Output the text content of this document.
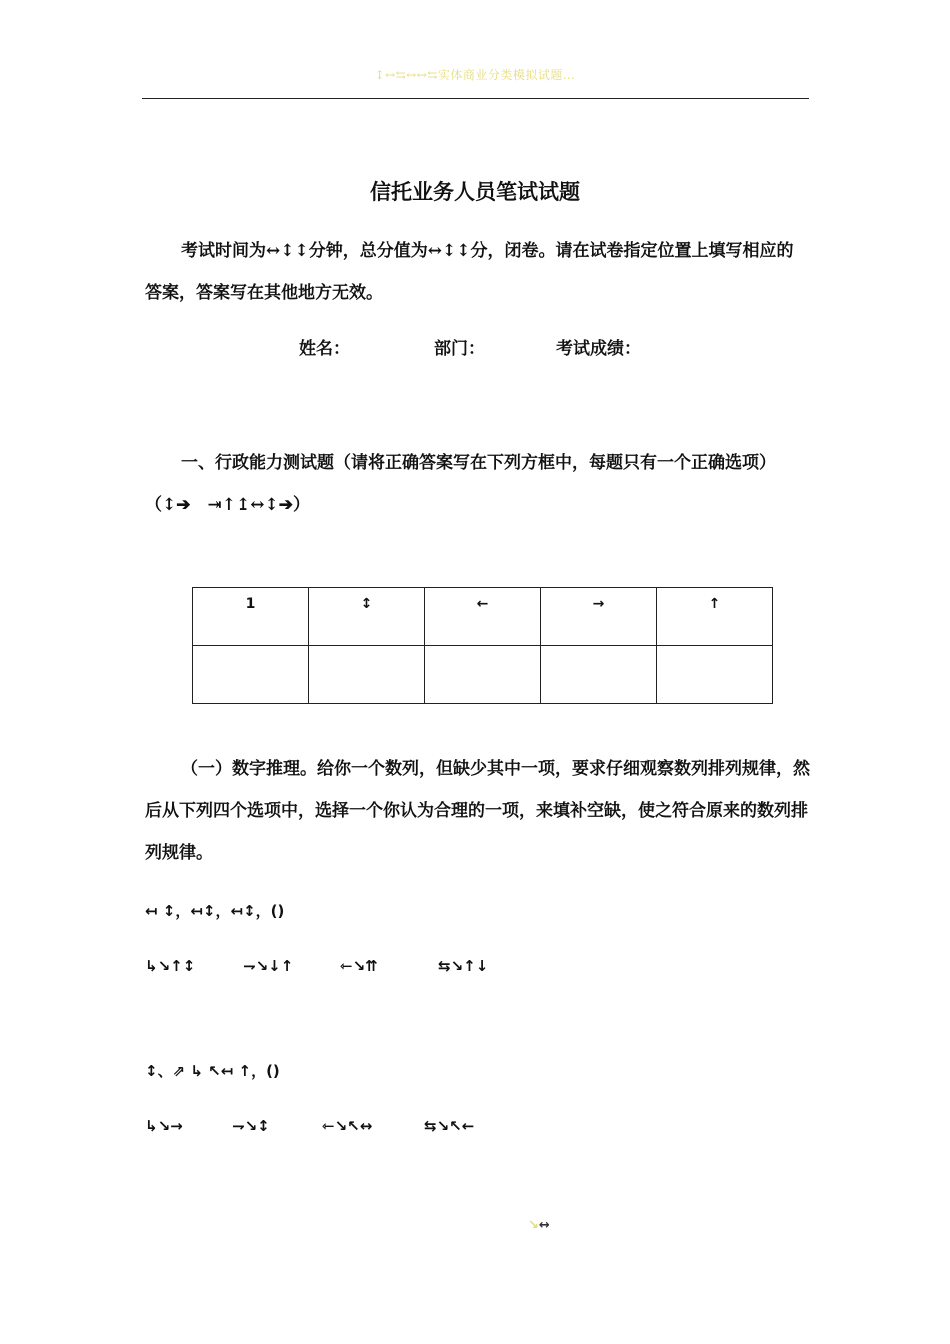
↕↔⇆↔↔⇆实体商业分类模拟试题…
信托业务人员笔试试题

考试时间为↔↕↕分钟，总分值为↔↕↕分，闭卷。请在试卷指定位置上填写相应的答案，答案写在其他地方无效。

姓名：	部门：	考试成绩：

一、行政能力测试题（请将正确答案写在下列方框中，每题只有一个正确选项）（↕➔　⇥↑↥↔↕➔）

1	↕	←	→	↑

（一）数字推理。给你一个数列，但缺少其中一项，要求仔细观察数列排列规律，然后从下列四个选项中，选择一个你认为合理的一项，来填补空缺，使之符合原来的数列排列规律。

↤ ↕，↤↕，↤↕，()
↳↘↑↕	⇁↘↓↑	⇽↘⇈	⇆↘↑↓
↕、⇗ ↳ ↖↤ ↑，()
↳↘→	⇁↘↕	⇽↘↖↔	⇆↘↖←
↘↔
